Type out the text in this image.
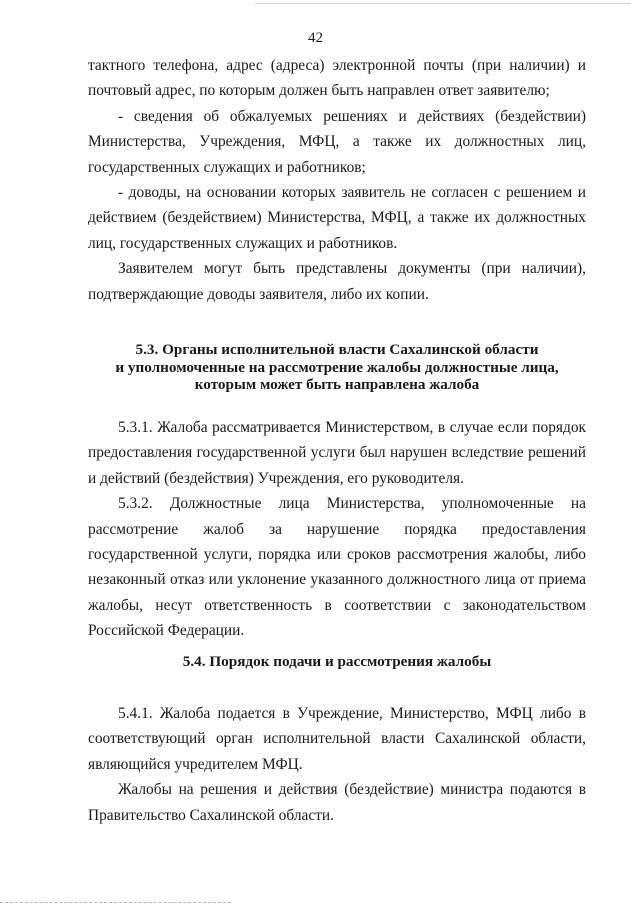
42

тактного телефона, адрес (адреса) электронной почты (при наличии) и почтовый адрес, по которым должен быть направлен ответ заявителю;

- сведения об обжалуемых решениях и действиях (бездействии) Министерства, Учреждения, МФЦ, а также их должностных лиц, государственных служащих и работников;

- доводы, на основании которых заявитель не согласен с решением и действием (бездействием) Министерства, МФЦ, а также их должностных лиц, государственных служащих и работников.

Заявителем могут быть представлены документы (при наличии), подтверждающие доводы заявителя, либо их копии.

5.3. Органы исполнительной власти Сахалинской области

и уполномоченные на рассмотрение жалобы должностные лица,

которым может быть направлена жалоба

5.3.1. Жалоба рассматривается Министерством, в случае если порядок предоставления государственной услуги был нарушен вследствие решений и действий (бездействия) Учреждения, его руководителя.

5.3.2. Должностные лица Министерства, уполномоченные на рассмотрение жалоб за нарушение порядка предоставления государственной услуги, порядка или сроков рассмотрения жалобы, либо незаконный отказ или уклонение указанного должностного лица от приема жалобы, несут ответственность в соответствии с законодательством Российской Федерации.

5.4. Порядок подачи и рассмотрения жалобы

5.4.1. Жалоба подается в Учреждение, Министерство, МФЦ либо в соответствующий орган исполнительной власти Сахалинской области, являющийся учредителем МФЦ.

Жалобы на решения и действия (бездействие) министра подаются в Правительство Сахалинской области.
